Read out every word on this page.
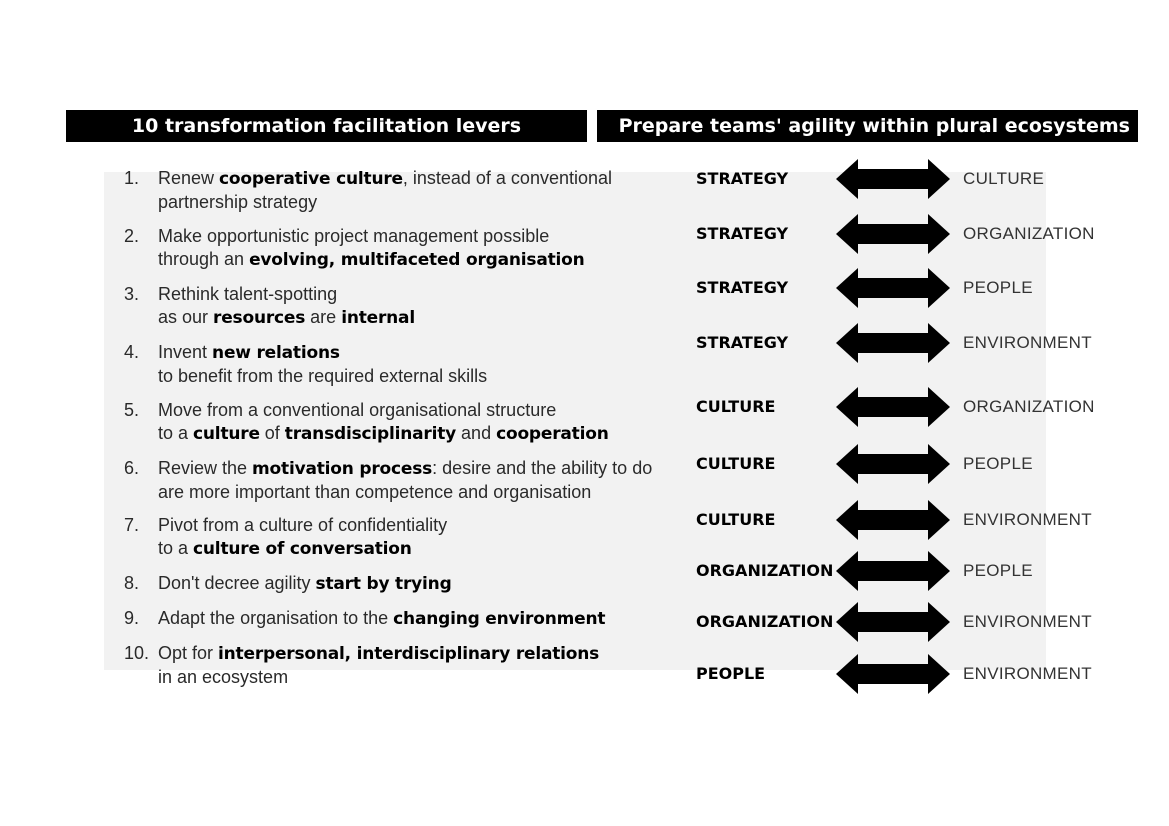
10 transformation facilitation levers	Prepare teams' agility within plural ecosystems
1. Renew cooperative culture, instead of a conventional
partnership strategy
2. Make opportunistic project management possible
through an evolving, multifaceted organisation
3. Rethink talent-spotting
as our resources are internal
4. Invent new relations
to benefit from the required external skills
5. Move from a conventional organisational structure
to a culture of transdisciplinarity and cooperation
6. Review the motivation process: desire and the ability to do
are more important than competence and organisation
7. Pivot from a culture of confidentiality
to a culture of conversation
8. Don't decree agility start by trying
9. Adapt the organisation to the changing environment
10. Opt for interpersonal, interdisciplinary relations
in an ecosystem
STRATEGY	CULTURE
STRATEGY	ORGANIZATION
STRATEGY	PEOPLE
STRATEGY	ENVIRONMENT
CULTURE	ORGANIZATION
CULTURE	PEOPLE
CULTURE	ENVIRONMENT
ORGANIZATION	PEOPLE
ORGANIZATION	ENVIRONMENT
PEOPLE	ENVIRONMENT
